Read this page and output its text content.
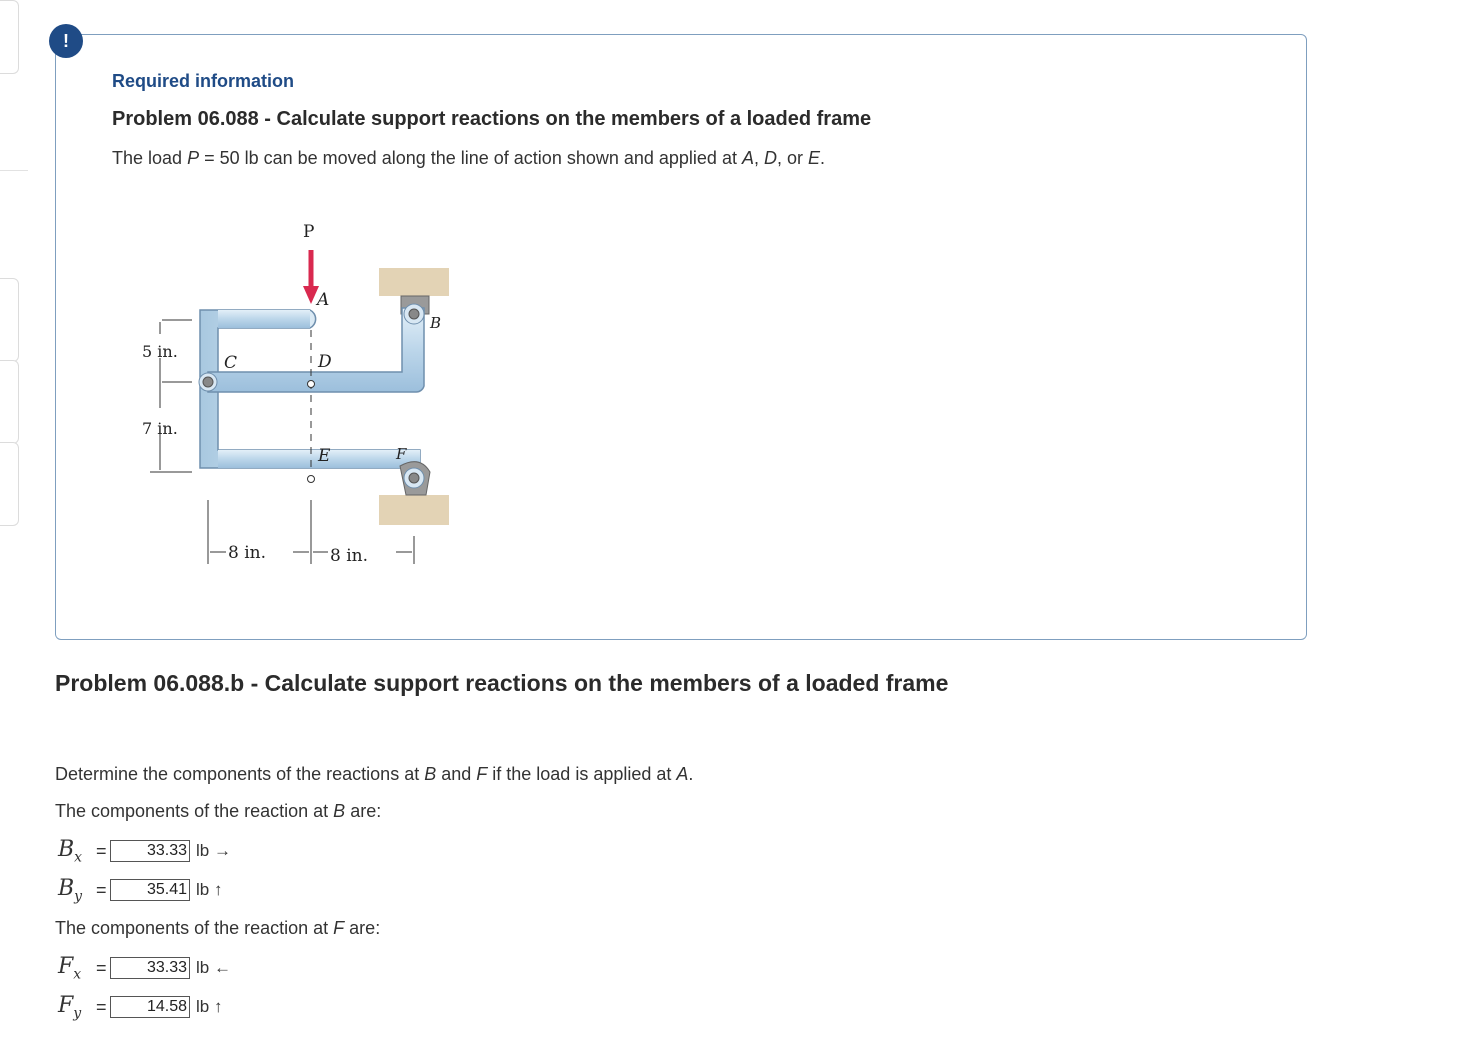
!
Required information
Problem 06.088 - Calculate support reactions on the members of a loaded frame
The load P = 50 lb can be moved along the line of action shown and applied at A, D, or E.
P
A
B
C	D
E	F
5 in.
7 in.
8 in.	8 in.
Problem 06.088.b - Calculate support reactions on the members of a loaded frame
Determine the components of the reactions at B and F if the load is applied at A.
The components of the reaction at B are:
$B_x$ =
33.33	lb →
$B_y$ =
35.41	lb ↑
The components of the reaction at F are:
$F_x$ =
33.33	lb ←
$F_y$ =
14.58	lb ↑
